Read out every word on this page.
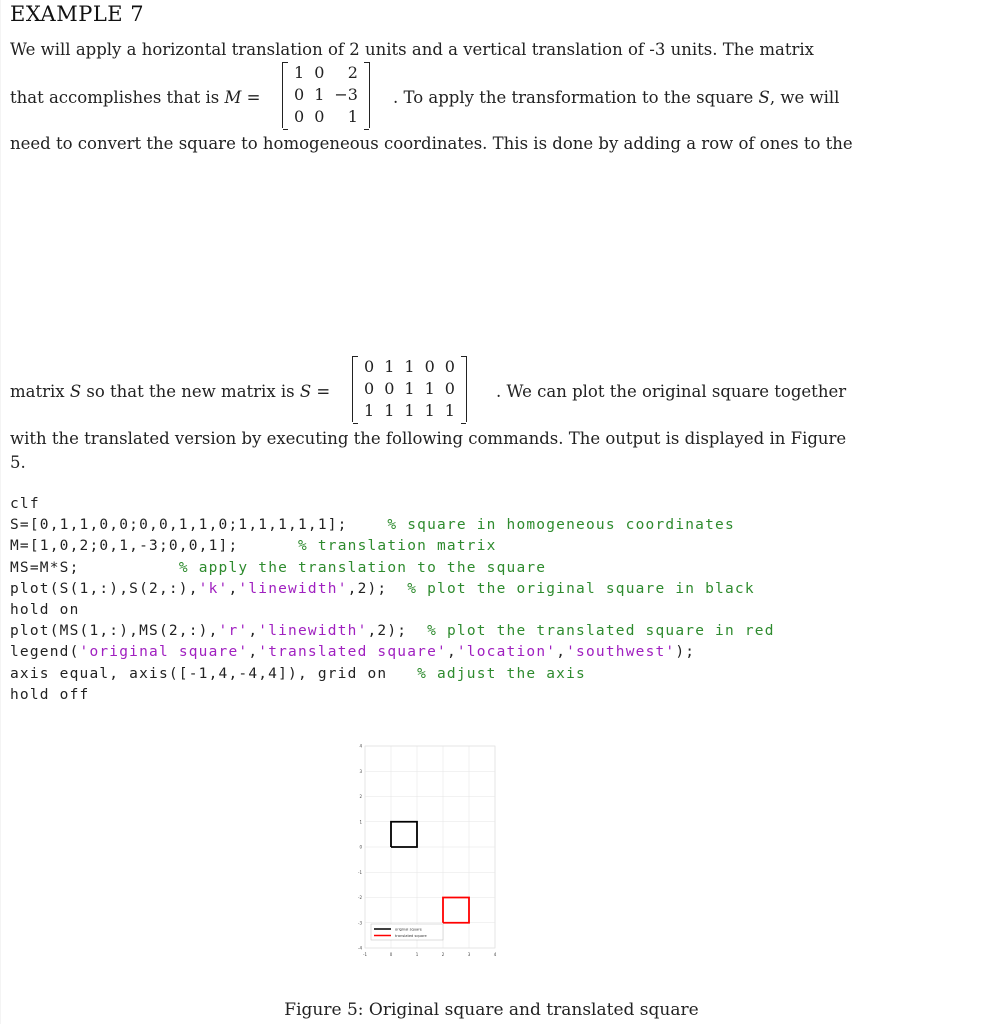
EXAMPLE 7
We will apply a horizontal translation of 2 units and a vertical translation of -3 units. The matrix
that accomplishes that is M =
1	0	2
0	1	−3
0	0	1
. To apply the transformation to the square S, we will
need to convert the square to homogeneous coordinates. This is done by adding a row of ones to the
matrix S so that the new matrix is S =
0	1	1	0	0
0	0	1	1	0
1	1	1	1	1
. We can plot the original square together
with the translated version by executing the following commands. The output is displayed in Figure
5.
clf
S=[0,1,1,0,0;0,0,1,1,0;1,1,1,1,1];	% square in homogeneous coordinates
M=[1,0,2;0,1,-3;0,0,1];	% translation matrix
MS=M*S;	% apply the translation to the square
plot(S(1,:),S(2,:),'k','linewidth',2);  % plot the original square in black
hold on
plot(MS(1,:),MS(2,:),'r','linewidth',2);  % plot the translated square in red
legend('original square','translated square','location','southwest');
axis equal, axis([-1,4,-4,4]), grid on % adjust the axis
hold off
-1	0	1	2	3	4
-4
-3
-2
-1
0
1
2
3
4
original square
translated square
Figure 5: Original square and translated square
